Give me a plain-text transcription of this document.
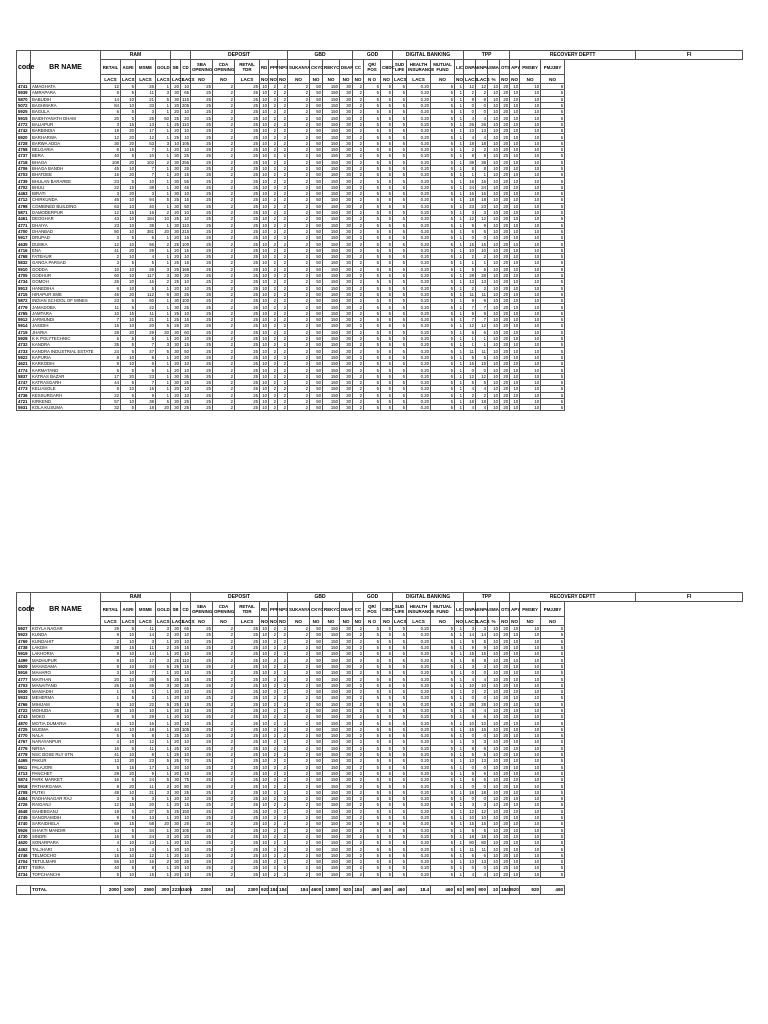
code	BR NAME	RAM						DEPOSIT						GBD				GOD			DIGITAL BANKING				TPP				RECOVERY DEPTT			FI
		RETAIL	AGRI	MSME	GOLD	SB	CD	SBA OPENING	CDA OPENING	RETAIL TDR	RD	PPF	NPS	SUKANYA	CKYC	REKYC	DEAF	CC	QR/ POS	CBDC	SUD LIFE	HEALTH INSURANCE	MUTUAL FUND	LIC	DNPA	ENPA	SMA	OTS	APY	PMSBY	PMJJBY	
		LACS	LACS	LACS	LACS	LACS	LACS	NO	NO	LACS	NO	NO	NO	NO	NO	NO	NO	NO	N O	NO	LACS	LACS	NO	NO	LACS	LACS	%	NO	NO	NO	NO	
4741	AMAGHATA	12	5	26	1	20	10	25	2	25	10	2	2	2	50	150	30	2	5	5	5	0.20	5	1	12	12	10	20	10	10	5	
5939	AMRAPARA	6	5	11	3	30	65	25	2	25	10	2	2	2	50	150	30	2	5	5	5	0.20	5	1	2	2	10	20	10	10	5	
5870	BABUDIH	14	10	21	5	30	115	25	2	25	10	2	2	2	50	150	30	2	5	5	5	0.20	5	1	8	8	10	20	10	10	5	
5072	BAGHMARA	84	10	33	1	20	205	25	2	25	10	2	2	2	50	150	30	2	5	5	5	0.20	5	1	0	0	10	20	10	10	5	
5925	BAGULA	6	5	3	1	20	10	25	2	25	10	2	2	2	50	150	30	2	5	5	5	0.20	5	1	0	0	10	20	10	10	5	
5915	BAIDHYANATH DHAM	20	5	25	50	25	20	25	2	25	10	2	2	2	50	150	30	2	5	5	5	0.20	5	1	4	4	10	20	10	10	5	
4772	BALIAPUR	3	15	13	1	25	110	25	2	25	10	2	2	2	50	150	30	2	5	5	5	0.20	5	1	26	26	10	20	10	10	5	
4742	BARBINDIA	19	20	17	1	20	10	25	2	25	10	2	2	2	50	150	30	2	5	5	5	0.20	5	1	13	13	10	20	10	10	5	
5920	BARHARWA	12	20	12	1	25	10	25	2	25	10	2	2	2	50	150	30	2	5	5	5	0.20	5	1	4	4	10	20	10	10	5	
4728	BARWA ADDA	30	20	53	3	10	105	25	2	25	10	2	2	2	50	150	30	2	5	5	5	0.20	5	1	18	18	10	20	10	10	5	
4758	BELGARIA	6	15	7	1	20	10	25	2	25	10	2	2	2	50	150	30	2	5	5	5	0.20	5	1	2	2	10	20	10	10	5	
4737	BERA	40	5	10	1	30	25	25	2	25	10	2	2	2	50	150	30	2	5	5	5	0.20	5	1	8	8	10	20	10	10	5	
4718	BHAGA	108	20	102	2	30	255	25	2	25	10	2	2	2	50	150	30	2	5	5	5	0.20	5	1	38	38	10	20	10	10	5	
4706	BHAGA BANDH	45	10	7	1	30	25	25	2	25	10	2	2	2	50	150	30	2	5	5	5	0.20	5	1	8	8	10	20	10	10	5	
4703	BHATDEE	16	20	7	1	20	15	25	2	25	10	2	2	2	50	150	30	2	5	5	5	0.20	5	1	1	1	10	20	10	10	5	
4739	BHULAN BARAREE	23	5	10	1	30	55	25	2	25	10	2	2	2	50	150	30	2	5	5	5	0.20	5	1	16	16	10	20	10	10	5	
4702	BHUU	22	15	38	1	30	45	25	2	25	10	2	2	2	50	150	30	2	5	5	5	0.20	5	1	24	24	10	20	10	10	5	
4463	BIRATI	3	20	3	1	30	10	25	2	25	10	2	2	2	50	150	30	2	5	5	5	0.20	5	1	16	16	10	20	10	10	5	
4712	CHIRKUNDA	46	10	94	5	25	15	25	2	25	10	2	2	2	50	150	30	2	5	5	5	0.20	5	1	18	18	10	20	10	10	5	
4798	COMBINED BUILDING	63	10	40	1	30	50	25	2	25	10	2	2	2	50	150	30	2	5	5	5	0.20	5	1	23	23	10	20	10	10	5	
5871	DAMODERPUR	12	15	16	2	20	10	25	2	25	10	2	2	2	50	150	30	2	5	5	5	0.20	5	1	3	3	10	20	10	10	5	
4461	DEOGHAR	43	10	184	10	25	10	25	2	25	10	2	2	2	50	150	30	2	5	5	5	0.20	5	1	12	12	10	20	10	10	5	
4771	DHAIYA	23	10	38	1	30	110	25	2	25	10	2	2	2	50	150	30	2	5	5	5	0.20	5	1	9	9	10	20	10	10	5	
4700	DHANBAD	80	10	381	20	30	215	25	2	25	10	2	2	2	50	150	30	2	5	5	5	0.20	5	1	6	6	10	20	10	10	5	
5917	DRUPAD	3	5	6	1	20	15	25	2	25	10	2	2	2	50	150	30	2	5	5	5	0.20	5	1	0	0	10	20	10	10	5	
4635	DUMKA	12	10	56	2	25	100	25	2	25	10	2	2	2	50	150	30	2	5	5	5	0.20	5	1	15	15	10	20	10	10	5	
4716	ENA	41	20	29	1	20	15	25	2	25	10	2	2	2	50	150	30	2	5	5	5	0.20	5	1	10	10	10	20	10	10	5	
4768	FATEHUR	2	10	4	1	20	10	25	2	25	10	2	2	2	50	150	30	2	5	5	5	0.20	5	1	2	2	10	20	10	10	5	
5832	GANGA PARSAD	3	5	5	1	25	15	25	2	25	10	2	2	2	50	150	30	2	5	5	5	0.20	5	1	1	1	10	20	10	10	5	
5910	GODDA	10	10	26	3	25	165	25	2	25	10	2	2	2	50	150	30	2	5	5	5	0.20	5	1	5	5	10	20	10	10	5	
4705	GODHUR	60	10	117	3	30	20	25	2	25	10	2	2	2	50	150	30	2	5	5	5	0.20	5	1	28	28	10	20	10	10	5	
4734	GOMOH	26	20	16	2	25	10	25	2	25	10	2	2	2	50	150	30	2	5	5	5	0.20	5	1	13	13	10	20	10	10	5	
5913	HANEDIHA	6	10	5	1	20	10	25	2	25	10	2	2	2	50	150	30	2	5	5	5	0.20	5	1	2	2	10	20	10	10	5	
4715	HIRAPUR SME	46	20	112	6	30	25	25	2	25	10	2	2	2	50	150	30	2	5	5	5	0.20	5	1	11	11	10	20	10	10	5	
5872	INDIAN SCHOOL OF MINES	23	5	60	1	30	100	25	2	25	10	2	2	2	50	150	30	2	5	5	5	0.20	5	1	9	9	10	20	10	10	5	
4779	JAMADOBA	11	5	22	1	30	25	25	2	25	10	2	2	2	50	150	30	2	5	5	5	0.20	5	1	7	7	10	20	10	10	5	
4765	JAMTARA	10	15	11	1	25	10	25	2	25	10	2	2	2	50	150	30	2	5	5	5	0.20	5	1	9	9	10	20	10	10	5	
5912	JARMUNDI	7	10	21	1	25	15	25	2	25	10	2	2	2	50	150	30	2	5	5	5	0.20	5	1	7	7	10	20	10	10	5	
5914	JASIDIH	15	10	20	5	25	20	25	2	25	10	2	2	2	50	150	30	2	5	5	5	0.20	5	1	12	12	10	20	10	10	5	
4719	JHARIA	28	20	29	20	30	60	25	2	25	10	2	2	2	50	150	30	2	5	5	5	0.20	5	1	6	6	10	20	10	10	5	
5928	K K POLYTECHNIC	5	5	5	1	20	10	25	2	25	10	2	2	2	50	150	30	2	5	5	5	0.20	5	1	1	1	10	20	10	10	5	
4732	KANDRA	35	5	7	3	30	15	25	2	25	10	2	2	2	50	150	30	2	5	5	5	0.20	5	1	1	1	10	20	10	10	5	
4733	KANDRA INDUSTRIAL ESTATE	24	5	47	5	30	50	25	2	25	10	2	2	2	50	150	30	2	5	5	5	0.20	5	1	11	11	10	20	10	10	5	
5922	KAPURIA	8	10	8	1	20	20	25	2	25	10	2	2	2	50	150	30	2	5	5	5	0.20	5	1	5	5	10	20	10	10	5	
4621	KARKODIH	9	10	6	1	20	10	25	2	25	10	2	2	2	50	150	30	2	5	5	5	0.20	5	1	15	15	10	20	10	10	5	
4774	KARMATAND	6	5	6	1	20	10	25	2	25	10	2	2	2	50	150	30	2	5	5	5	0.20	5	1	0	0	10	20	10	10	5	
5837	KATRAS BAZAR	17	20	23	1	30	35	25	2	25	10	2	2	2	50	150	30	2	5	5	5	0.20	5	1	12	12	10	20	10	10	5	
4747	KATRASGARH	44	5	7	1	30	25	25	2	25	10	2	2	2	50	150	30	2	5	5	5	0.20	5	1	5	5	10	20	10	10	5	
4773	KELIASOLE	6	10	15	1	20	10	25	2	25	10	2	2	2	50	150	30	2	5	5	5	0.20	5	1	4	4	10	20	10	10	5	
4736	KESSURGARH	22	5	9	1	20	10	25	2	25	10	2	2	2	50	150	30	2	5	5	5	0.20	5	1	2	2	10	20	10	10	5	
4721	KIRKEND	57	10	38	5	30	25	25	2	25	10	2	2	2	50	150	30	2	5	5	5	0.20	5	1	18	18	10	20	10	10	5	
5931	KOLA KUSUMA	32	5	18	20	30	25	25	2	25	10	2	2	2	50	150	30	2	5	5	5	0.20	5	1	4	4	10	20	10	10	5	
code	BR NAME	RAM						DEPOSIT						GBD				GOD			DIGITAL BANKING				TPP				RECOVERY DEPTT			FI
		RETAIL	AGRI	MSME	GOLD	SB	CD	SBA OPENING	CDA OPENING	RETAIL TDR	RD	PPF	NPS	SUKANYA	CKYC	REKYC	DEAF	CC	QR/ POS	CBDC	SUD LIFE	HEALTH INSURANCE	MUTUAL FUND	LIC	DNPA	ENPA	SMA	OTS	APY	PMSBY	PMJJBY	
		LACS	LACS	LACS	LACS	LACS	LACS	NO	NO	LACS	NO	NO	NO	NO	NO	NO	NO	NO	N O	NO	LACS	LACS	NO	NO	LACS	LACS	%	NO	NO	NO	NO	
5927	KOYLA NAGAR	29	5	11	3	30	65	25	2	25	10	2	2	2	50	150	30	2	5	5	5	0.20	5	1	3	3	10	20	10	10	5	
5923	KUNDA	9	10	14	2	20	10	25	2	25	10	2	2	2	50	150	30	2	5	5	5	0.20	5	1	14	14	10	20	10	10	5	
4769	KUNDAHIT	2	10	3	1	20	10	25	2	25	10	2	2	2	50	150	30	2	5	5	5	0.20	5	1	5	5	10	20	10	10	5	
4738	LAKDIH	38	15	11	2	25	15	25	2	25	10	2	2	2	50	150	30	2	5	5	5	0.20	5	1	9	9	10	20	10	10	5	
5919	LAKHORIA	9	10	14	1	20	10	25	2	25	10	2	2	2	50	150	30	2	5	5	5	0.20	5	1	15	15	10	20	10	10	5	
4499	MADHUPUR	9	10	17	3	25	110	25	2	25	10	2	2	2	50	150	30	2	5	5	5	0.20	5	1	8	8	10	20	10	10	5	
5929	MAHADAMA	9	10	24	5	25	15	25	2	25	10	2	2	2	50	150	30	2	5	5	5	0.20	5	1	3	3	10	20	10	10	5	
5916	MAHARO	3	10	7	1	20	10	25	2	25	10	2	2	2	50	150	30	2	5	5	5	0.20	5	1	0	0	10	20	10	10	5	
4777	MAITHAN	20	10	38	5	25	15	25	2	25	10	2	2	2	50	150	30	2	5	5	5	0.20	5	1	4	4	10	20	10	10	5	
4703	MANAITAND	26	15	35	3	30	25	25	2	25	10	2	2	2	50	150	30	2	5	5	5	0.20	5	1	10	10	10	20	10	10	5	
5930	MANIADIH	1	5	1	1	20	10	25	2	25	10	2	2	2	50	150	30	2	5	5	5	0.20	5	1	2	2	10	20	10	10	5	
5933	MEHERMA	1	5	3	1	20	10	25	2	25	10	2	2	2	50	150	30	2	5	5	5	0.20	5	1	0	0	10	20	10	10	5	
4766	MIHIJAM	5	10	22	5	25	15	25	2	25	10	2	2	2	50	150	30	2	5	5	5	0.20	5	1	28	28	10	20	10	10	5	
4722	MOHUDA	35	10	10	1	20	15	25	2	25	10	2	2	2	50	150	30	2	5	5	5	0.20	5	1	4	4	10	20	10	10	5	
4743	MOKO	9	5	29	1	20	10	25	2	25	10	2	2	2	50	150	30	2	5	5	5	0.20	5	1	6	6	10	20	10	10	5	
4870	MOTIA DUMARIA	6	10	16	1	20	10	25	2	25	10	2	2	2	50	150	30	2	5	5	5	0.20	5	1	10	10	10	20	10	10	5	
4725	MUGMA	44	10	18	1	20	105	25	2	25	10	2	2	2	50	150	30	2	5	5	5	0.20	5	1	15	15	10	20	10	10	5	
4770	NALA	5	5	8	1	25	10	25	2	25	10	2	2	2	50	150	30	2	5	5	5	0.20	5	1	0	0	10	20	10	10	5	
4767	NARAYANPUR	4	10	12	1	20	10	25	2	25	10	2	2	2	50	150	30	2	5	5	5	0.20	5	1	3	3	10	20	10	10	5	
4776	NIRSA	15	5	11	1	25	10	25	2	25	10	2	2	2	50	150	30	2	5	5	5	0.20	5	1	8	8	10	20	10	10	5	
4778	NSC BOSE RLY STN	41	10	8	1	25	10	25	2	25	10	2	2	2	50	150	30	2	5	5	5	0.20	5	1	5	5	10	20	10	10	5	
4465	PAKUR	13	20	23	5	25	70	25	2	25	10	2	2	2	50	150	30	2	5	5	5	0.20	5	1	13	13	10	20	10	10	5	
5911	PALAJORI	5	15	17	1	20	10	25	2	25	10	2	2	2	50	150	30	2	5	5	5	0.20	5	1	0	0	10	20	10	10	5	
4713	PANCHET	28	20	9	1	20	10	25	2	25	10	2	2	2	50	150	30	2	5	5	5	0.20	5	1	6	6	10	20	10	10	5	
5874	PARK MARKET	16	5	24	5	30	75	25	2	25	10	2	2	2	50	150	30	2	5	5	5	0.20	5	1	5	5	10	20	10	10	5	
5918	PATHARGAMA	8	20	11	2	20	80	25	2	25	10	2	2	2	50	150	30	2	5	5	5	0.20	5	1	0	0	10	20	10	10	5	
4708	PUTKI	48	10	21	3	30	25	25	2	25	10	2	2	2	50	150	30	2	5	5	5	0.20	5	1	18	18	10	20	10	10	5	
4464	RADHANAGAR RAJ	3	5	3	1	20	10	25	2	25	10	2	2	2	50	150	30	2	5	5	5	0.20	5	1	0	0	10	20	10	10	5	
4726	RAIGANJ	12	15	20	1	20	15	25	2	25	10	2	2	2	50	150	30	2	5	5	5	0.20	5	1	3	3	10	20	10	10	5	
4648	SAHEBGANJ	19	5	27	5	25	150	25	2	25	10	2	2	2	50	150	30	2	5	5	5	0.20	5	1	12	12	10	20	10	10	5	
4745	SANGRAMDIH	9	5	13	1	20	10	25	2	25	10	2	2	2	50	150	30	2	5	5	5	0.20	5	1	10	10	10	20	10	10	5	
4740	SARAIDHELA	69	15	58	20	30	25	25	2	25	10	2	2	2	50	150	30	2	5	5	5	0.20	5	1	15	15	10	20	10	10	5	
5926	SHAKTI MANDIR	14	5	34	1	30	105	25	2	25	10	2	2	2	50	150	30	2	5	5	5	0.20	5	1	5	5	10	20	10	10	5	
4730	SINDRI	15	5	24	3	20	20	25	2	25	10	2	2	2	50	150	30	2	5	5	5	0.20	5	1	18	18	10	20	10	10	5	
4620	SONARPARA	4	10	13	1	20	10	25	2	25	10	2	2	2	50	150	30	2	5	5	5	0.20	5	1	80	80	10	20	10	10	5	
4462	TALJHARI	1	10	4	1	20	10	25	2	25	10	2	2	2	50	150	30	2	5	5	5	0.20	5	1	11	11	10	20	10	10	5	
4746	TELMOCHO	15	10	12	1	20	10	25	2	25	10	2	2	2	50	150	30	2	5	5	5	0.20	5	1	6	6	10	20	10	10	5	
4704	TETULMARI	56	10	16	2	30	25	25	2	25	10	2	2	2	50	150	30	2	5	5	5	0.20	5	1	13	13	10	20	10	10	5	
4707	TISRA	40	5	8	1	20	10	25	2	25	10	2	2	2	50	150	30	2	5	5	5	0.20	5	1	0	0	10	20	10	10	5	
4734	TOPCHANCHI	5	10	15	1	20	10	25	2	25	10	2	2	2	50	150	30	2	5	5	5	0.20	5	1	4	4	10	20	10	10	5	

	TOTAL	2000	1000	2500	300	2235	3405	2300	184	2300	920	184	184	184	4600	13800	920	184	460	460	460	18.4	460	92	900	900	10	1840	920	920	460	
